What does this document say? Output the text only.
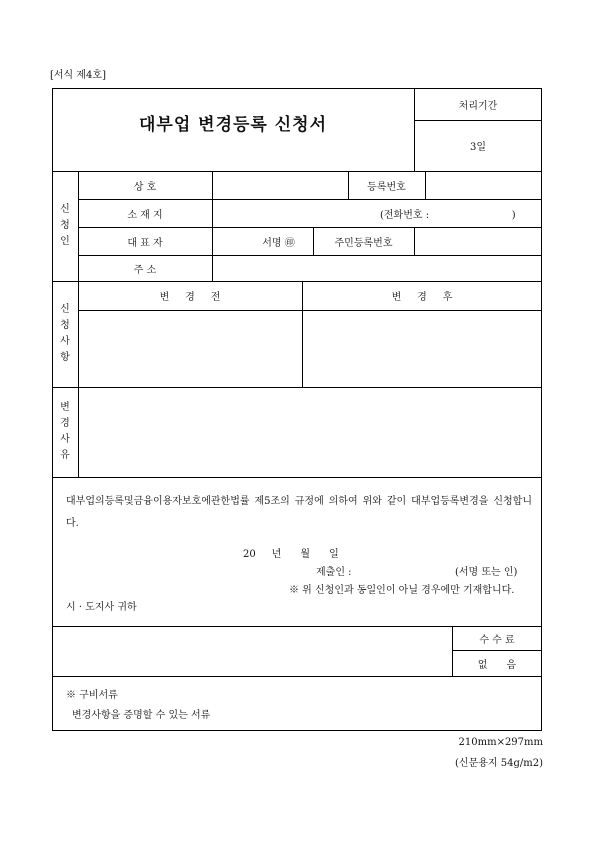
[서식 제4호]
대부업 변경등록 신청서
처리기간
3일
신
청
인
상 호	등록번호
소 재 지	(전화번호 :                          )
대 표 자	서명 ㊞	주민등록번호
주 소
신
청
사
항
변     경     전	변     경     후
변
경
사
유
대부업의등록및금융이용자보호에관한법률 제5조의 규정에 의하여 위와 같이 대부업등록변경을 신청합니다.
20     년      월      일
제출인 :	(서명 또는 인)
※ 위 신청인과 동일인이 아닐 경우에만 기재합니다.
시 · 도지사 귀하
수 수 료
없      음
※ 구비서류
변경사항을 증명할 수 있는 서류
210mm×297mm
(신문용지 54g/m2)
